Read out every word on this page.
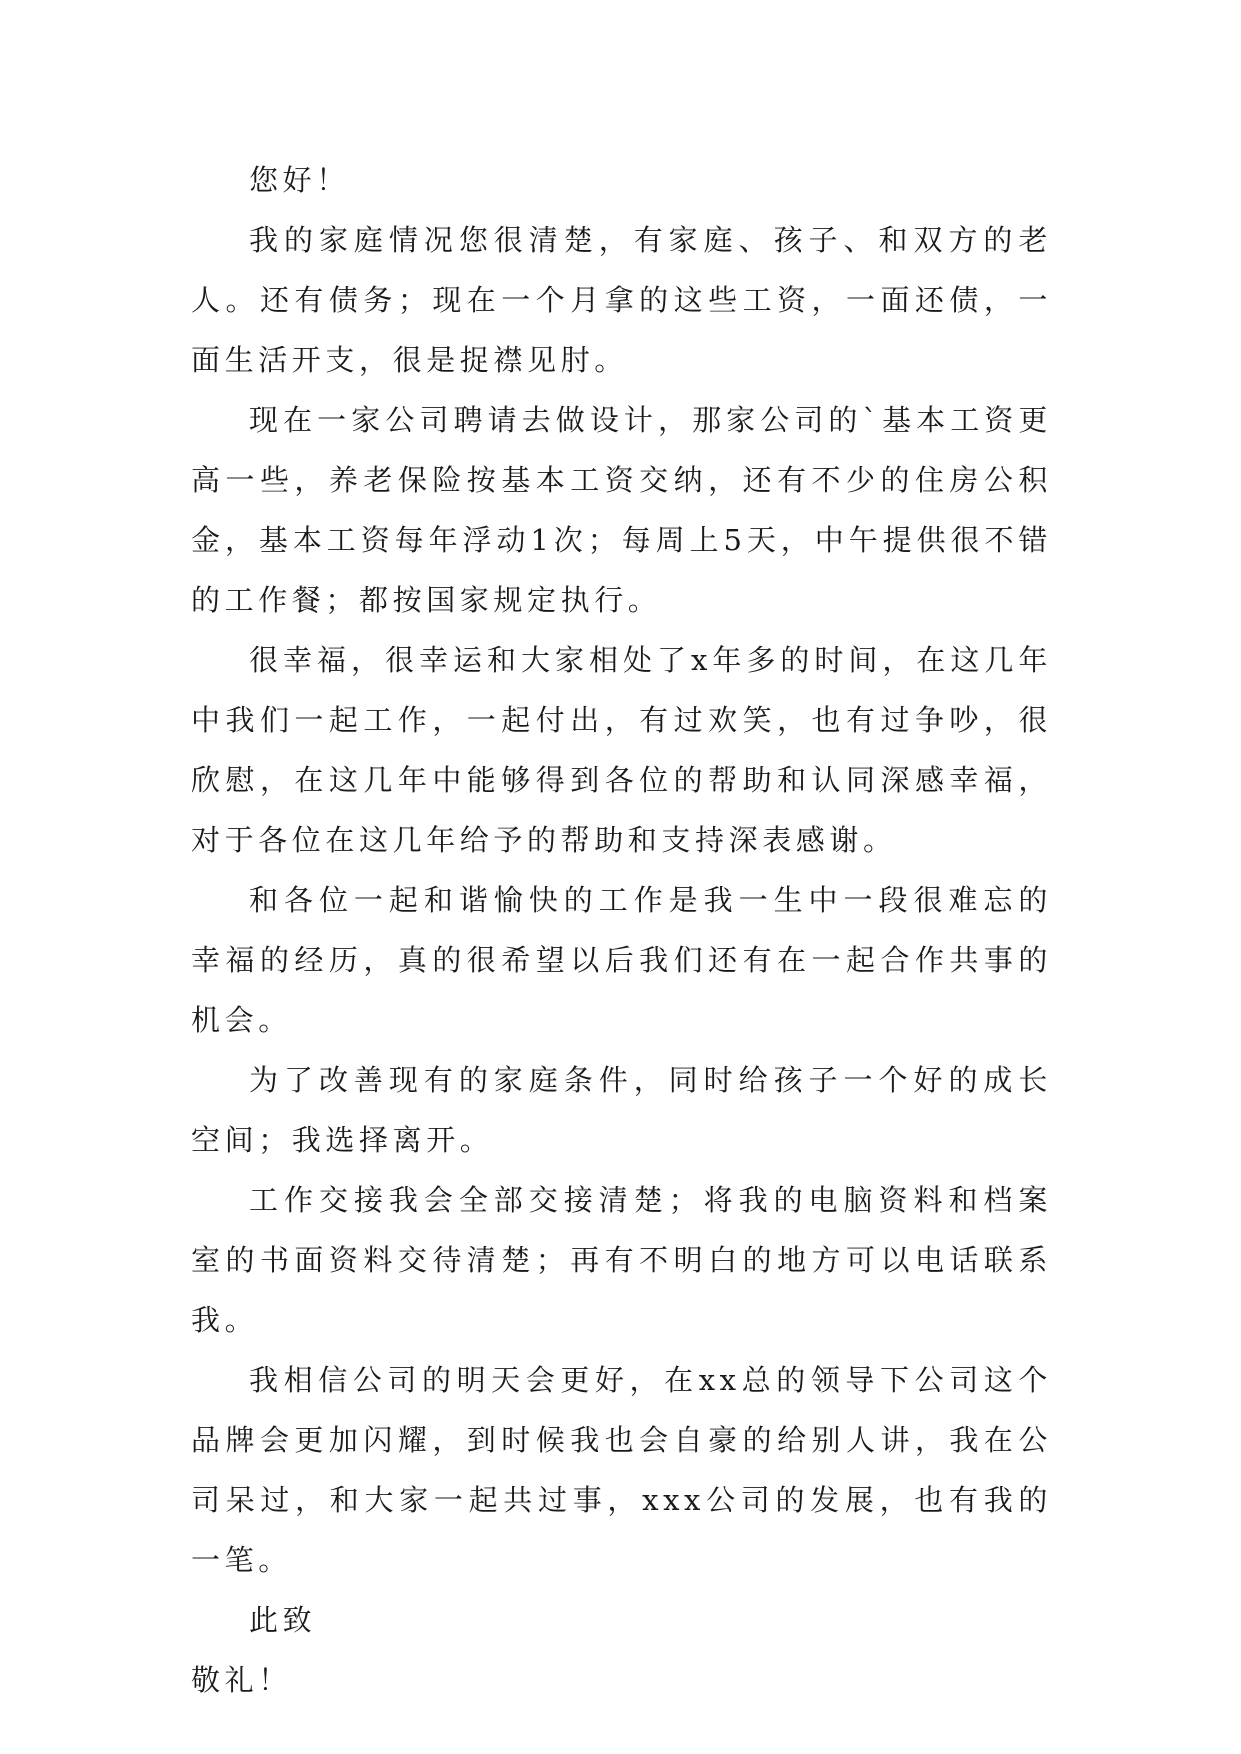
您好！

我的家庭情况您很清楚，有家庭、孩子、和双方的老人。还有债务；现在一个月拿的这些工资，一面还债，一面生活开支，很是捉襟见肘。

现在一家公司聘请去做设计，那家公司的`基本工资更高一些，养老保险按基本工资交纳，还有不少的住房公积金，基本工资每年浮动1次；每周上5天，中午提供很不错的工作餐；都按国家规定执行。

很幸福，很幸运和大家相处了x年多的时间，在这几年中我们一起工作，一起付出，有过欢笑，也有过争吵，很欣慰，在这几年中能够得到各位的帮助和认同深感幸福，对于各位在这几年给予的帮助和支持深表感谢。

和各位一起和谐愉快的工作是我一生中一段很难忘的幸福的经历，真的很希望以后我们还有在一起合作共事的机会。

为了改善现有的家庭条件，同时给孩子一个好的成长空间；我选择离开。

工作交接我会全部交接清楚；将我的电脑资料和档案室的书面资料交待清楚；再有不明白的地方可以电话联系我。

我相信公司的明天会更好，在xx总的领导下公司这个品牌会更加闪耀，到时候我也会自豪的给别人讲，我在公司呆过，和大家一起共过事，xxx公司的发展，也有我的一笔。

此致

敬礼！
